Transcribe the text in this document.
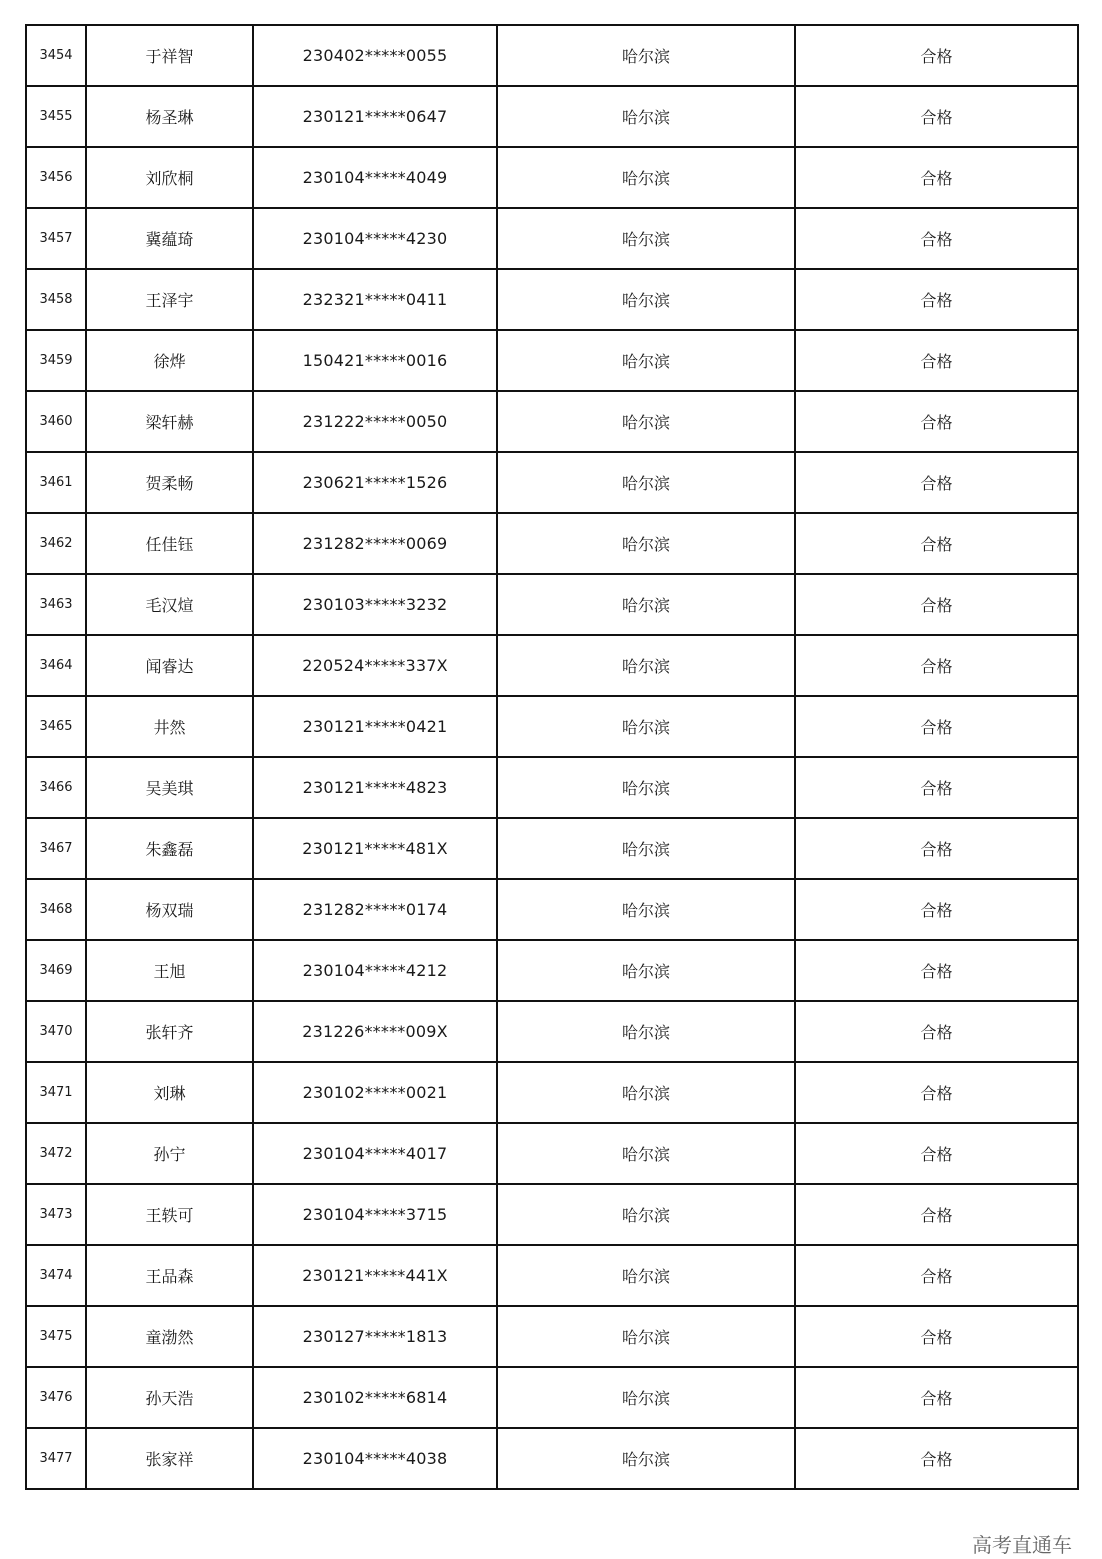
3454	于祥智	230402*****0055	哈尔滨	合格
3455	杨圣琳	230121*****0647	哈尔滨	合格
3456	刘欣桐	230104*****4049	哈尔滨	合格
3457	冀蕴琦	230104*****4230	哈尔滨	合格
3458	王泽宇	232321*****0411	哈尔滨	合格
3459	徐烨	150421*****0016	哈尔滨	合格
3460	梁轩赫	231222*****0050	哈尔滨	合格
3461	贺柔畅	230621*****1526	哈尔滨	合格
3462	任佳钰	231282*****0069	哈尔滨	合格
3463	毛汉煊	230103*****3232	哈尔滨	合格
3464	闻睿达	220524*****337X	哈尔滨	合格
3465	井然	230121*****0421	哈尔滨	合格
3466	吴美琪	230121*****4823	哈尔滨	合格
3467	朱鑫磊	230121*****481X	哈尔滨	合格
3468	杨双瑞	231282*****0174	哈尔滨	合格
3469	王旭	230104*****4212	哈尔滨	合格
3470	张轩齐	231226*****009X	哈尔滨	合格
3471	刘琳	230102*****0021	哈尔滨	合格
3472	孙宁	230104*****4017	哈尔滨	合格
3473	王轶可	230104*****3715	哈尔滨	合格
3474	王品森	230121*****441X	哈尔滨	合格
3475	童渤然	230127*****1813	哈尔滨	合格
3476	孙天浩	230102*****6814	哈尔滨	合格
3477	张家祥	230104*****4038	哈尔滨	合格
高考直通车
